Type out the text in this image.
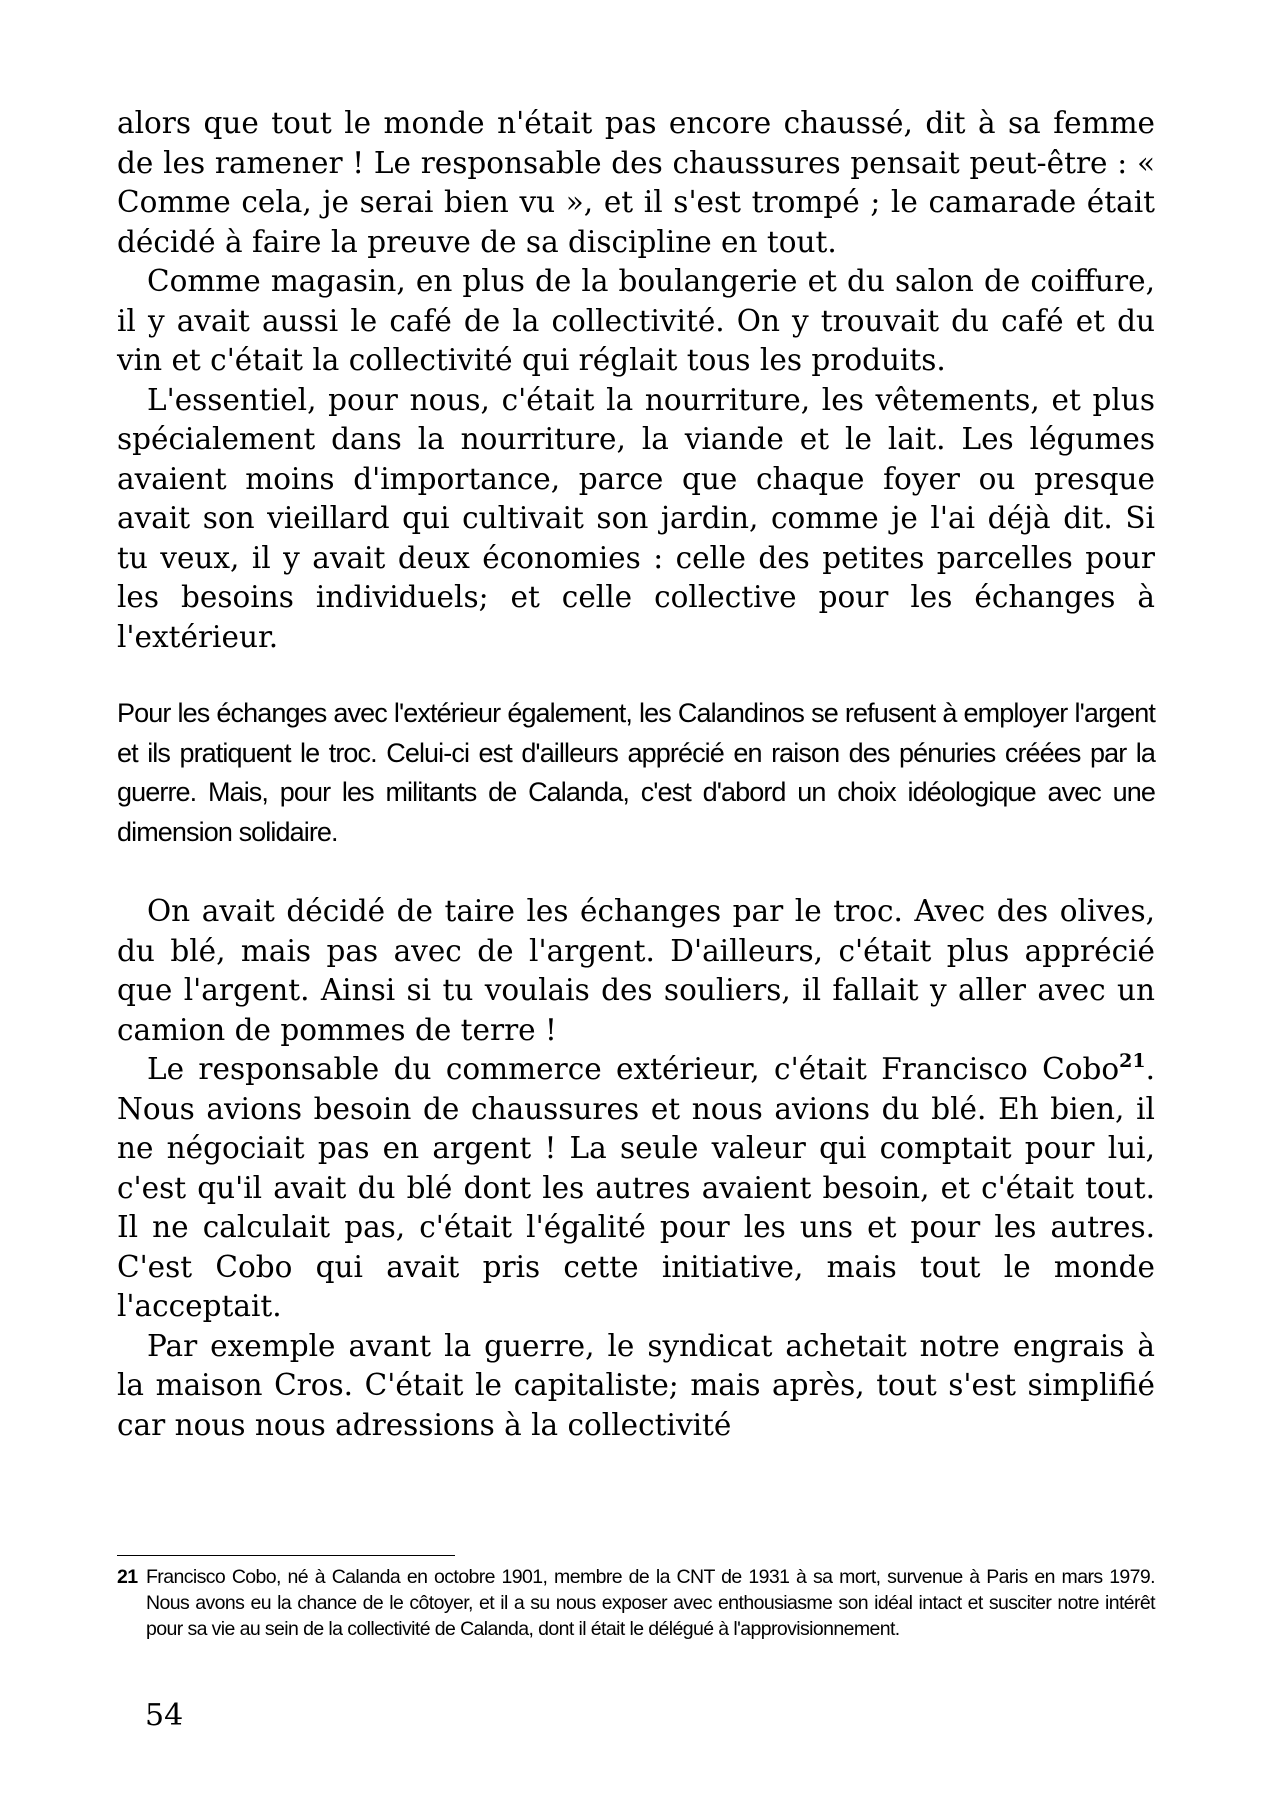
alors que tout le monde n'était pas encore chaussé, dit à sa femme de les ramener ! Le responsable des chaussures pensait peut-être : « Comme cela, je serai bien vu », et il s'est trompé ; le camarade était décidé à faire la preuve de sa discipline en tout.

Comme magasin, en plus de la boulangerie et du salon de coiffure, il y avait aussi le café de la collectivité. On y trouvait du café et du vin et c'était la collectivité qui réglait tous les produits.

L'essentiel, pour nous, c'était la nourriture, les vêtements, et plus spécialement dans la nourriture, la viande et le lait. Les légumes avaient moins d'importance, parce que chaque foyer ou presque avait son vieillard qui cultivait son jardin, comme je l'ai déjà dit. Si tu veux, il y avait deux économies : celle des petites parcelles pour les besoins individuels; et celle collective pour les échanges à l'extérieur.

Pour les échanges avec l'extérieur également, les Calandinos se refusent à employer l'argent et ils pratiquent le troc. Celui-ci est d'ailleurs apprécié en raison des pénuries créées par la guerre. Mais, pour les militants de Calanda, c'est d'abord un choix idéologique avec une dimension solidaire.

On avait décidé de taire les échanges par le troc. Avec des olives, du blé, mais pas avec de l'argent. D'ailleurs, c'était plus apprécié que l'argent. Ainsi si tu voulais des souliers, il fallait y aller avec un camion de pommes de terre !

Le responsable du commerce extérieur, c'était Francisco Cobo$^{21}$. Nous avions besoin de chaussures et nous avions du blé. Eh bien, il ne négociait pas en argent ! La seule valeur qui comptait pour lui, c'est qu'il avait du blé dont les autres avaient besoin, et c'était tout. Il ne calculait pas, c'était l'égalité pour les uns et pour les autres. C'est Cobo qui avait pris cette initiative, mais tout le monde l'acceptait.

Par exemple avant la guerre, le syndicat achetait notre engrais à la maison Cros. C'était le capitaliste; mais après, tout s'est simplifié car nous nous adressions à la collectivité

21 Francisco Cobo, né à Calanda en octobre 1901, membre de la CNT de 1931 à sa mort, survenue à Paris en mars 1979. Nous avons eu la chance de le côtoyer, et il a su nous exposer avec enthousiasme son idéal intact et susciter notre intérêt pour sa vie au sein de la collectivité de Calanda, dont il était le délégué à l'approvisionnement.

54
